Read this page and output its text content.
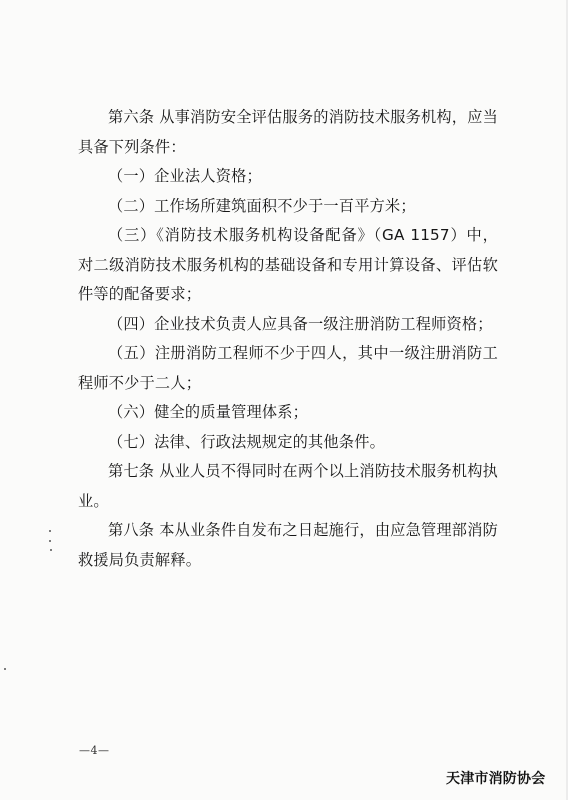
第六条 从事消防安全评估服务的消防技术服务机构，应当具备下列条件：

（一）企业法人资格；

（二）工作场所建筑面积不少于一百平方米；

（三）《消防技术服务机构设备配备》（GA 1157）中，对二级消防技术服务机构的基础设备和专用计算设备、评估软件等的配备要求；

（四）企业技术负责人应具备一级注册消防工程师资格；

（五）注册消防工程师不少于四人，其中一级注册消防工程师不少于二人；

（六）健全的质量管理体系；

（七）法律、行政法规规定的其他条件。

第七条 从业人员不得同时在两个以上消防技术服务机构执业。

第八条 本从业条件自发布之日起施行，由应急管理部消防救援局负责解释。

—4—
天津市消防协会
